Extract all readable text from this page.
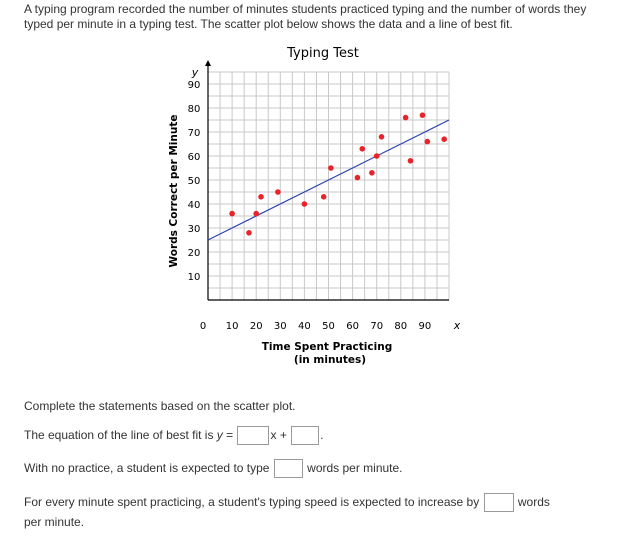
A typing program recorded the number of minutes students practiced typing and the number of words they typed per minute in a typing test. The scatter plot below shows the data and a line of best fit.

Typing Test
10 20 30 40 50 60 70 80 90
10
20
30
40
50
60
70
80
90
y
x
0
Time Spent Practicing
(in minutes)
Words Correct per Minute

Complete the statements based on the scatter plot.

The equation of the line of best fit is y =	x +	.

With no practice, a student is expected to type	words per minute.

For every minute spent practicing, a student's typing speed is expected to increase by	words
per minute.
